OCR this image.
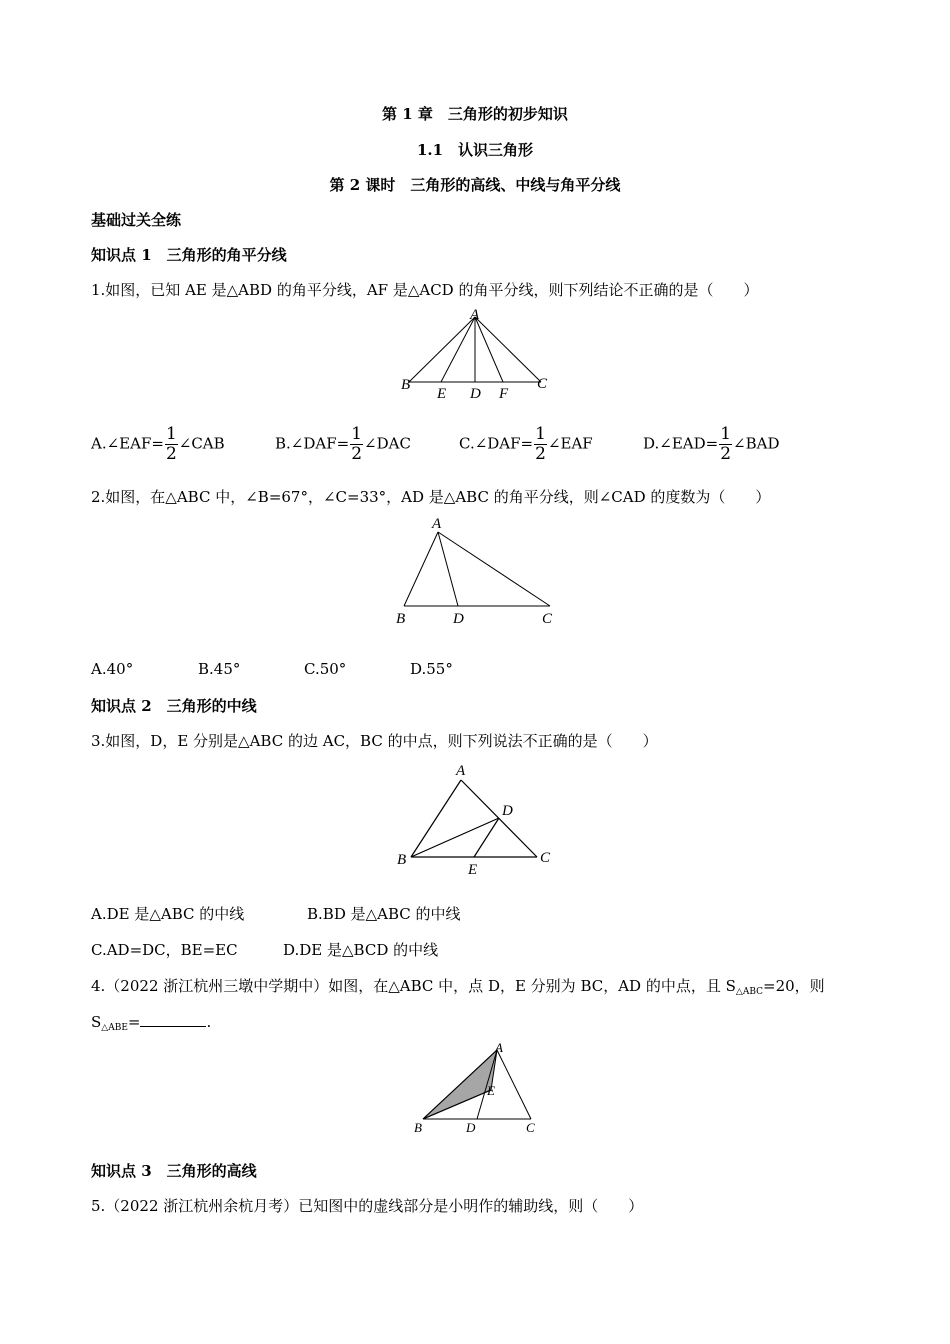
第 1 章　三角形的初步知识
1.1　认识三角形
第 2 课时　三角形的高线、中线与角平分线
基础过关全练
知识点 1　三角形的角平分线
1.如图，已知 AE 是△ABD 的角平分线，AF 是△ACD 的角平分线，则下列结论不正确的是（　　）
A
B
E D F
C
A.∠EAF= $\frac{1}{2}$ ∠CAB	B.∠DAF= $\frac{1}{2}$ ∠DAC	C.∠DAF= $\frac{1}{2}$ ∠EAF	D.∠EAD= $\frac{1}{2}$ ∠BAD
2.如图，在△ABC 中，∠B=67°，∠C=33°，AD 是△ABC 的角平分线，则∠CAD 的度数为（　　）
A
B	D	C
A.40°	B.45°	C.50°	D.55°
知识点 2　三角形的中线
3.如图，D，E 分别是△ABC 的边 AC，BC 的中点，则下列说法不正确的是（　　）
A
D
B
E
C
A.DE 是△ABC 的中线	B.BD 是△ABC 的中线
C.AD=DC，BE=EC	D.DE 是△BCD 的中线
4.（2022 浙江杭州三墩中学期中）如图，在△ABC 中，点 D，E 分别为 BC，AD 的中点，且 $S_{\triangle ABC}=20$，则
$S_{\triangle ABE}=$	.
A
E
B	D	C
知识点 3　三角形的高线
5.（2022 浙江杭州余杭月考）已知图中的虚线部分是小明作的辅助线，则（　　）
